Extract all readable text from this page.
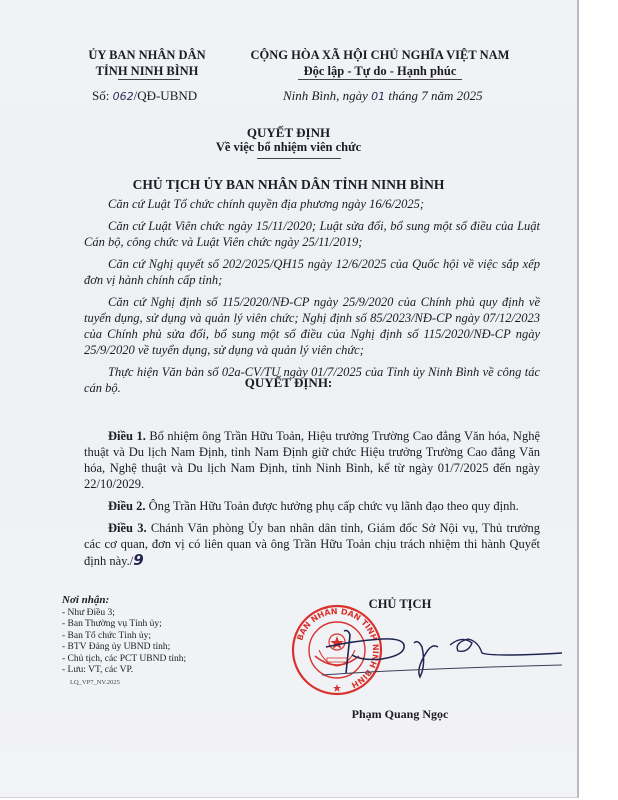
ỦY BAN NHÂN DÂN
TỈNH NINH BÌNH
CỘNG HÒA XÃ HỘI CHỦ NGHĨA VIỆT NAM
Độc lập - Tự do - Hạnh phúc
Số: 062/QĐ-UBND	Ninh Bình, ngày 01 tháng 7 năm 2025
QUYẾT ĐỊNH
Về việc bổ nhiệm viên chức
CHỦ TỊCH ỦY BAN NHÂN DÂN TỈNH NINH BÌNH

Căn cứ Luật Tổ chức chính quyền địa phương ngày 16/6/2025;

Căn cứ Luật Viên chức ngày 15/11/2020; Luật sửa đổi, bổ sung một số điều của Luật Cán bộ, công chức và Luật Viên chức ngày 25/11/2019;

Căn cứ Nghị quyết số 202/2025/QH15 ngày 12/6/2025 của Quốc hội về việc sắp xếp đơn vị hành chính cấp tỉnh;

Căn cứ Nghị định số 115/2020/NĐ-CP ngày 25/9/2020 của Chính phủ quy định về tuyển dụng, sử dụng và quản lý viên chức; Nghị định số 85/2023/NĐ-CP ngày 07/12/2023 của Chính phủ sửa đổi, bổ sung một số điều của Nghị định số 115/2020/NĐ-CP ngày 25/9/2020 về tuyển dụng, sử dụng và quản lý viên chức;

Thực hiện Văn bản số 02a-CV/TU ngày 01/7/2025 của Tỉnh ủy Ninh Bình về công tác cán bộ.	QUYẾT ĐỊNH:

Điều 1. Bổ nhiệm ông Trần Hữu Toản, Hiệu trưởng Trường Cao đẳng Văn hóa, Nghệ thuật và Du lịch Nam Định, tỉnh Nam Định giữ chức Hiệu trưởng Trường Cao đẳng Văn hóa, Nghệ thuật và Du lịch Nam Định, tỉnh Ninh Bình, kể từ ngày 01/7/2025 đến ngày 22/10/2029.

Điều 2. Ông Trần Hữu Toản được hưởng phụ cấp chức vụ lãnh đạo theo quy định.

Điều 3. Chánh Văn phòng Ủy ban nhân dân tỉnh, Giám đốc Sở Nội vụ, Thủ trưởng các cơ quan, đơn vị có liên quan và ông Trần Hữu Toản chịu trách nhiệm thi hành Quyết định này./9

Nơi nhận:
- Như Điều 3;
- Ban Thường vụ Tỉnh ủy;
- Ban Tổ chức Tỉnh ủy;
- BTV Đảng ủy UBND tỉnh;
- Chủ tịch, các PCT UBND tỉnh;
- Lưu: VT, các VP.
LQ_VP7_NV.2025
CHỦ TỊCH
BAN NHÂN DÂN TỈNH NINH BÌNH
Phạm Quang Ngọc
